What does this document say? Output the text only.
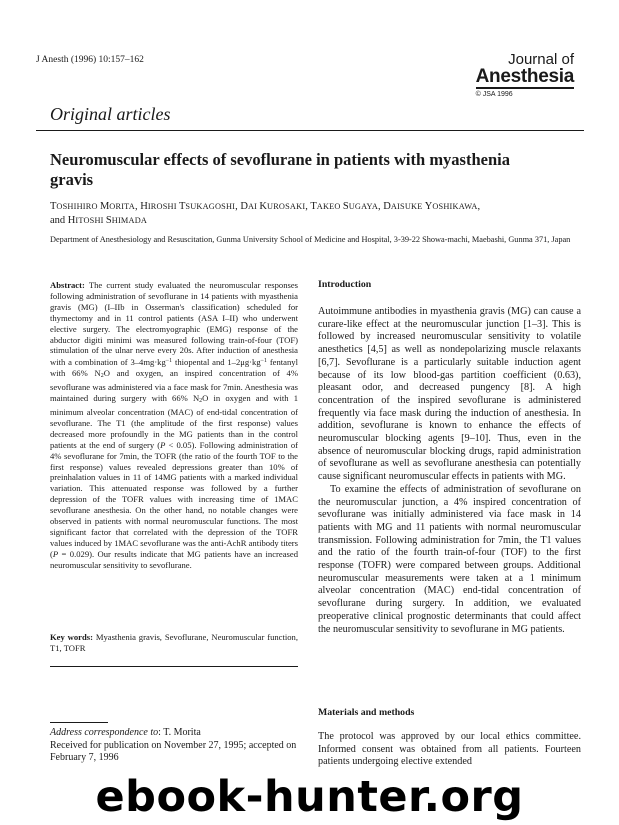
J Anesth (1996) 10:157–162	Journal of
Anesthesia
© JSA 1996
Original articles
Neuromuscular effects of sevoflurane in patients with myasthenia gravis
TOSHIHIRO MORITA, HIROSHI TSUKAGOSHI, DAI KUROSAKI, TAKEO SUGAYA, DAISUKE YOSHIKAWA,
and HITOSHI SHIMADA
Department of Anesthesiology and Resuscitation, Gunma University School of Medicine and Hospital, 3-39-22 Showa-machi, Maebashi, Gunma 371, Japan
Abstract: The current study evaluated the neuromuscular responses following administration of sevoflurane in 14 patients with myasthenia gravis (MG) (I–IIb in Osserman's classification) scheduled for thymectomy and in 11 control patients (ASA I–II) who underwent elective surgery. The electromyographic (EMG) response of the abductor digiti minimi was measured following train-of-four (TOF) stimulation of the ulnar nerve every 20s. After induction of anesthesia with a combination of $3-4mg\cdot kg^{-1}$ thiopental and $1-2\mu g\cdot kg^{-1}$ fentanyl with 66% N2O and oxygen, an inspired concentration of 4% sevoflurane was administered via a face mask for 7min. Anesthesia was maintained during surgery with 66% N2O in oxygen and with 1 minimum alveolar concentration (MAC) of end-tidal concentration of sevoflurane. The T1 (the amplitude of the first response) values decreased more profoundly in the MG patients than in the control patients at the end of surgery (P < 0.05). Following administration of 4% sevoflurane for 7min, the TOFR (the ratio of the fourth TOF to the first response) values revealed depressions greater than 10% of preinhalation values in 11 of 14MG patients with a marked individual variation. This attenuated response was followed by a further depression of the TOFR values with increasing time of 1MAC sevoflurane anesthesia. On the other hand, no notable changes were observed in patients with normal neuromuscular functions. The most significant factor that correlated with the depression of the TOFR values induced by 1MAC sevoflurane was the anti-AchR antibody titers (P = 0.029). Our results indicate that MG patients have an increased neuromuscular sensitivity to sevoflurane.
Key words: Myasthenia gravis, Sevoflurane, Neuromuscular function, T1, TOFR
Address correspondence to: T. Morita
Received for publication on November 27, 1995; accepted on February 7, 1996
Introduction

Autoimmune antibodies in myasthenia gravis (MG) can cause a curare-like effect at the neuromuscular junction [1–3]. This is followed by increased neuromuscular sensitivity to volatile anesthetics [4,5] as well as nondepolarizing muscle relaxants [6,7]. Sevoflurane is a particularly suitable induction agent because of its low blood-gas partition coefficient (0.63), pleasant odor, and decreased pungency [8]. A high concentration of the inspired sevoflurane is administered frequently via face mask during the induction of anesthesia. In addition, sevoflurane is known to enhance the effects of neuromuscular blocking agents [9–10]. Thus, even in the absence of neuromuscular blocking drugs, rapid administration of sevoflurane as well as sevoflurane anesthesia can potentially cause significant neuromuscular effects in patients with MG.

To examine the effects of administration of sevoflurane on the neuromuscular junction, a 4% inspired concentration of sevoflurane was initially administered via face mask in 14 patients with MG and 11 patients with normal neuromuscular transmission. Following administration for 7min, the T1 values and the ratio of the fourth train-of-four (TOF) to the first response (TOFR) were compared between groups. Additional neuromuscular measurements were taken at a 1 minimum alveolar concentration (MAC) end-tidal concentration of sevoflurane during surgery. In addition, we evaluated preoperative clinical prognostic determinants that could affect the neuromuscular sensitivity to sevoflurane in MG patients.

Materials and methods

The protocol was approved by our local ethics committee. Informed consent was obtained from all patients. Fourteen patients undergoing elective extended

ebook-hunter.org
